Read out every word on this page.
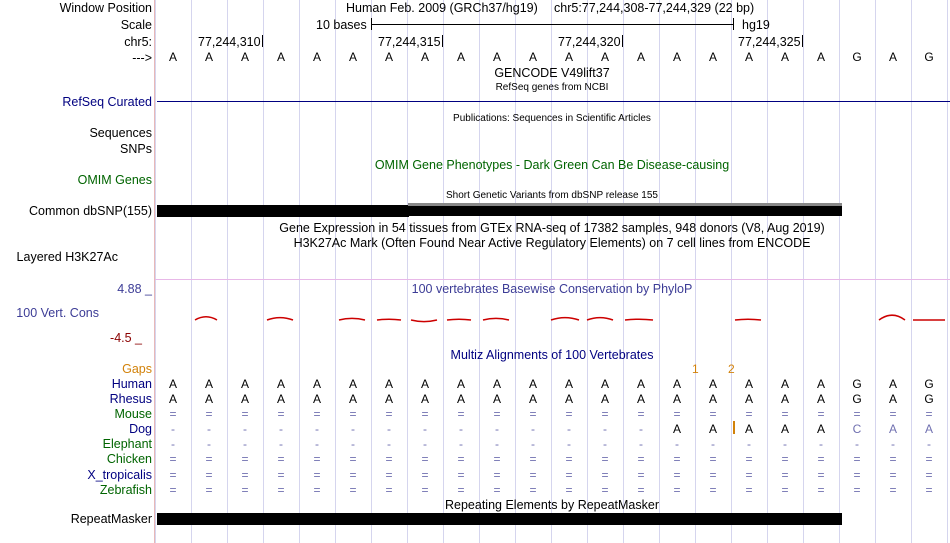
Window Position
Scale
chr5:
--->
RefSeq Curated
Sequences
SNPs
OMIM Genes
Common dbSNP(155)
Layered H3K27Ac
4.88 _
100 Vert. Cons
-4.5 _
Gaps
RepeatMasker
Human Feb. 2009 (GRCh37/hg19) chr5:77,244,308-77,244,329 (22 bp)
10 bases	hg19
77,244,310	77,244,315	77,244,320	77,244,325
GENCODE V49lift37
RefSeq genes from NCBI
Publications: Sequences in Scientific Articles
OMIM Gene Phenotypes - Dark Green Can Be Disease-causing
Short Genetic Variants from dbSNP release 155
Gene Expression in 54 tissues from GTEx RNA-seq of 17382 samples, 948 donors (V8, Aug 2019)
H3K27Ac Mark (Often Found Near Active Regulatory Elements) on 7 cell lines from ENCODE
100 vertebrates Basewise Conservation by PhyloP
Multiz Alignments of 100 Vertebrates
1 2
Repeating Elements by RepeatMasker
A	A	A	A	A	A	A	A	A	A	A	A	A	A	A	A	A	A	A	G	A	G
Human	A	A	A	A	A	A	A	A	A	A	A	A	A	A	A	A	A	A	A	G	A	G
Rhesus	A	A	A	A	A	A	A	A	A	A	A	A	A	A	A	A	A	A	A	G	A	G
Mouse	=	=	=	=	=	=	=	=	=	=	=	=	=	=	=	=	=	=	=	=	=	=
Dog	-	-	-	-	-	-	-	-	-	-	-	-	-	-	A	A	A	A	A	C	A	A
Elephant	-	-	-	-	-	-	-	-	-	-	-	-	-	-	-	-	-	-	-	-	-	-
Chicken	=	=	=	=	=	=	=	=	=	=	=	=	=	=	=	=	=	=	=	=	=	=
X_tropicalis	=	=	=	=	=	=	=	=	=	=	=	=	=	=	=	=	=	=	=	=	=	=
Zebrafish	=	=	=	=	=	=	=	=	=	=	=	=	=	=	=	=	=	=	=	=	=	=
